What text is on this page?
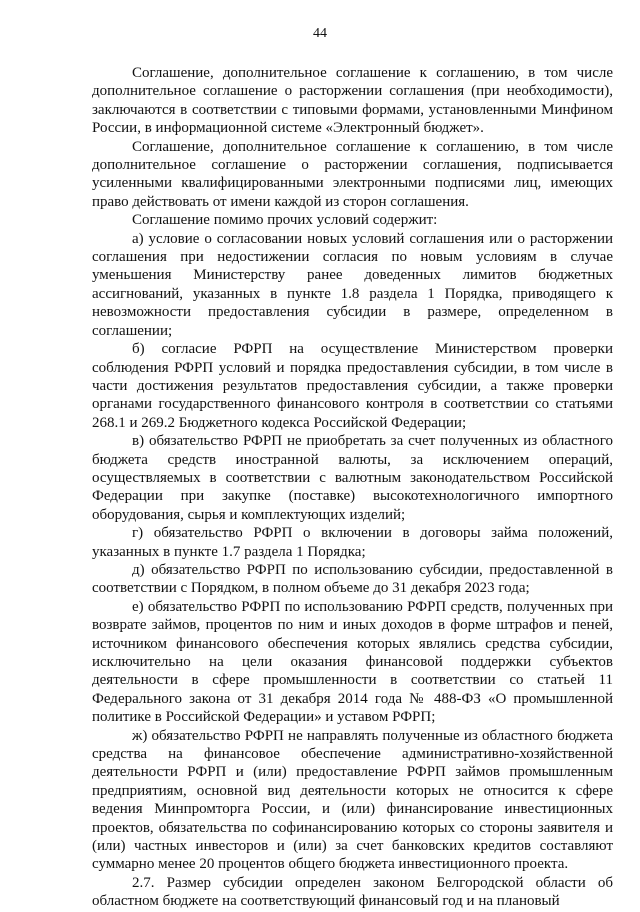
44

Соглашение, дополнительное соглашение к соглашению, в том числе дополнительное соглашение о расторжении соглашения (при необходимости), заключаются в соответствии с типовыми формами, установленными Минфином России, в информационной системе «Электронный бюджет».

Соглашение, дополнительное соглашение к соглашению, в том числе дополнительное соглашение о расторжении соглашения, подписывается усиленными квалифицированными электронными подписями лиц, имеющих право действовать от имени каждой из сторон соглашения.

Соглашение помимо прочих условий содержит:

а) условие о согласовании новых условий соглашения или о расторжении соглашения при недостижении согласия по новым условиям в случае уменьшения Министерству ранее доведенных лимитов бюджетных ассигнований, указанных в пункте 1.8 раздела 1 Порядка, приводящего к невозможности предоставления субсидии в размере, определенном в соглашении;

б) согласие РФРП на осуществление Министерством проверки соблюдения РФРП условий и порядка предоставления субсидии, в том числе в части достижения результатов предоставления субсидии, а также проверки органами государственного финансового контроля в соответствии со статьями 268.1 и 269.2 Бюджетного кодекса Российской Федерации;

в) обязательство РФРП не приобретать за счет полученных из областного бюджета средств иностранной валюты, за исключением операций, осуществляемых в соответствии с валютным законодательством Российской Федерации при закупке (поставке) высокотехнологичного импортного оборудования, сырья и комплектующих изделий;

г) обязательство РФРП о включении в договоры займа положений, указанных в пункте 1.7 раздела 1 Порядка;

д) обязательство РФРП по использованию субсидии, предоставленной в соответствии с Порядком, в полном объеме до 31 декабря 2023 года;

е) обязательство РФРП по использованию РФРП средств, полученных при возврате займов, процентов по ним и иных доходов в форме штрафов и пеней, источником финансового обеспечения которых являлись средства субсидии, исключительно на цели оказания финансовой поддержки субъектов деятельности в сфере промышленности в соответствии со статьей 11 Федерального закона от 31 декабря 2014 года № 488-ФЗ «О промышленной политике в Российской Федерации» и уставом РФРП;

ж) обязательство РФРП не направлять полученные из областного бюджета средства на финансовое обеспечение административно-хозяйственной деятельности РФРП и (или) предоставление РФРП займов промышленным предприятиям, основной вид деятельности которых не относится к сфере ведения Минпромторга России, и (или) финансирование инвестиционных проектов, обязательства по софинансированию которых со стороны заявителя и (или) частных инвесторов и (или) за счет банковских кредитов составляют суммарно менее 20 процентов общего бюджета инвестиционного проекта.

2.7. Размер субсидии определен законом Белгородской области об областном бюджете на соответствующий финансовый год и на плановый
